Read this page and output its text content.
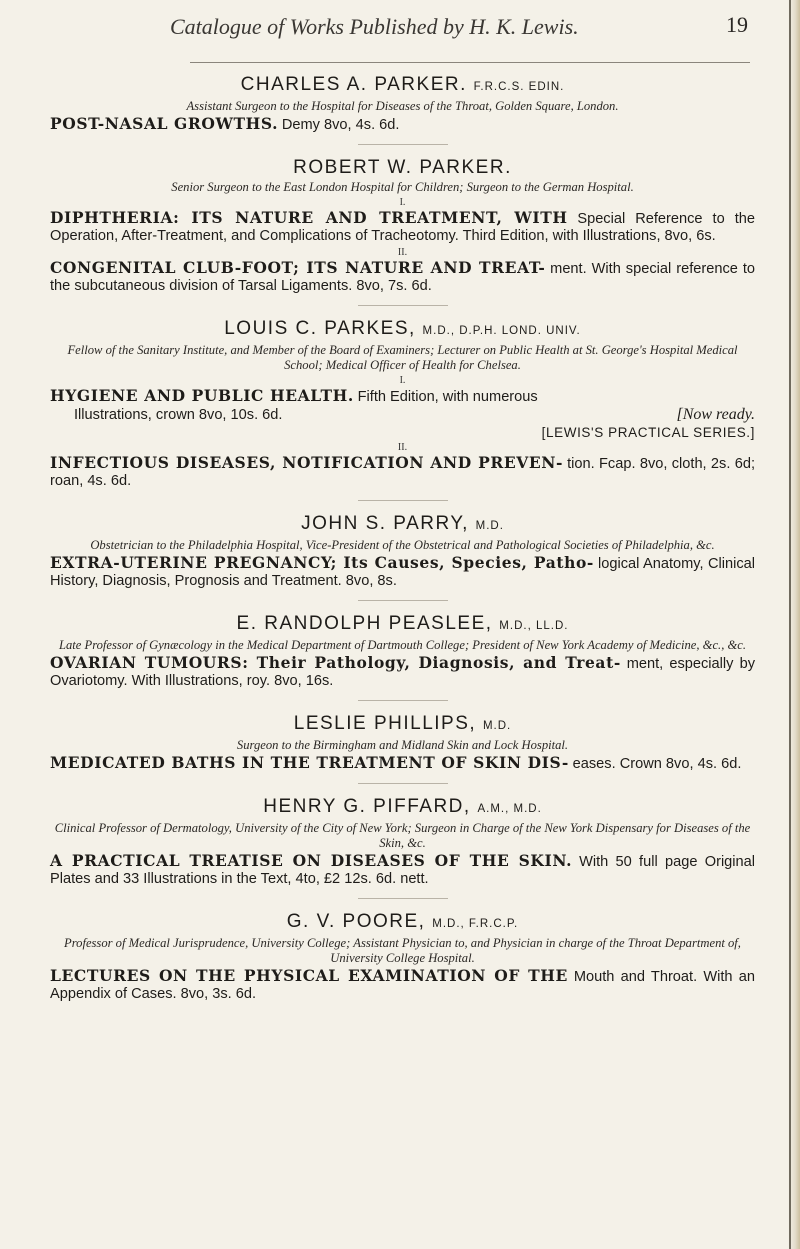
Catalogue of Works Published by H. K. Lewis.	19

CHARLES A. PARKER. F.R.C.S. EDIN.

Assistant Surgeon to the Hospital for Diseases of the Throat, Golden Square, London.

POST-NASAL GROWTHS. Demy 8vo, 4s. 6d.

ROBERT W. PARKER.

Senior Surgeon to the East London Hospital for Children; Surgeon to the German Hospital.

I.

DIPHTHERIA: ITS NATURE AND TREATMENT, WITH Special Reference to the Operation, After-Treatment, and Complications of Tracheotomy. Third Edition, with Illustrations, 8vo, 6s.

II.

CONGENITAL CLUB-FOOT; ITS NATURE AND TREAT- ment. With special reference to the subcutaneous division of Tarsal Ligaments. 8vo, 7s. 6d.

LOUIS C. PARKES, M.D., D.P.H. LOND. UNIV.

Fellow of the Sanitary Institute, and Member of the Board of Examiners; Lecturer on Public Health at St. George's Hospital Medical School; Medical Officer of Health for Chelsea.

I.

HYGIENE AND PUBLIC HEALTH. Fifth Edition, with numerous

Illustrations, crown 8vo, 10s. 6d.	[Now ready.

[LEWIS'S PRACTICAL SERIES.]

II.

INFECTIOUS DISEASES, NOTIFICATION AND PREVEN- tion. Fcap. 8vo, cloth, 2s. 6d; roan, 4s. 6d.

JOHN S. PARRY, M.D.

Obstetrician to the Philadelphia Hospital, Vice-President of the Obstetrical and Pathological Societies of Philadelphia, &c.

EXTRA-UTERINE PREGNANCY; Its Causes, Species, Patho- logical Anatomy, Clinical History, Diagnosis, Prognosis and Treatment. 8vo, 8s.

E. RANDOLPH PEASLEE, M.D., LL.D.

Late Professor of Gynæcology in the Medical Department of Dartmouth College; President of New York Academy of Medicine, &c., &c.

OVARIAN TUMOURS: Their Pathology, Diagnosis, and Treat- ment, especially by Ovariotomy. With Illustrations, roy. 8vo, 16s.

LESLIE PHILLIPS, M.D.

Surgeon to the Birmingham and Midland Skin and Lock Hospital.

MEDICATED BATHS IN THE TREATMENT OF SKIN DIS- eases. Crown 8vo, 4s. 6d.

HENRY G. PIFFARD, A.M., M.D.

Clinical Professor of Dermatology, University of the City of New York; Surgeon in Charge of the New York Dispensary for Diseases of the Skin, &c.

A PRACTICAL TREATISE ON DISEASES OF THE SKIN. With 50 full page Original Plates and 33 Illustrations in the Text, 4to, £2 12s. 6d. nett.

G. V. POORE, M.D., F.R.C.P.

Professor of Medical Jurisprudence, University College; Assistant Physician to, and Physician in charge of the Throat Department of, University College Hospital.

LECTURES ON THE PHYSICAL EXAMINATION OF THE Mouth and Throat. With an Appendix of Cases. 8vo, 3s. 6d.
